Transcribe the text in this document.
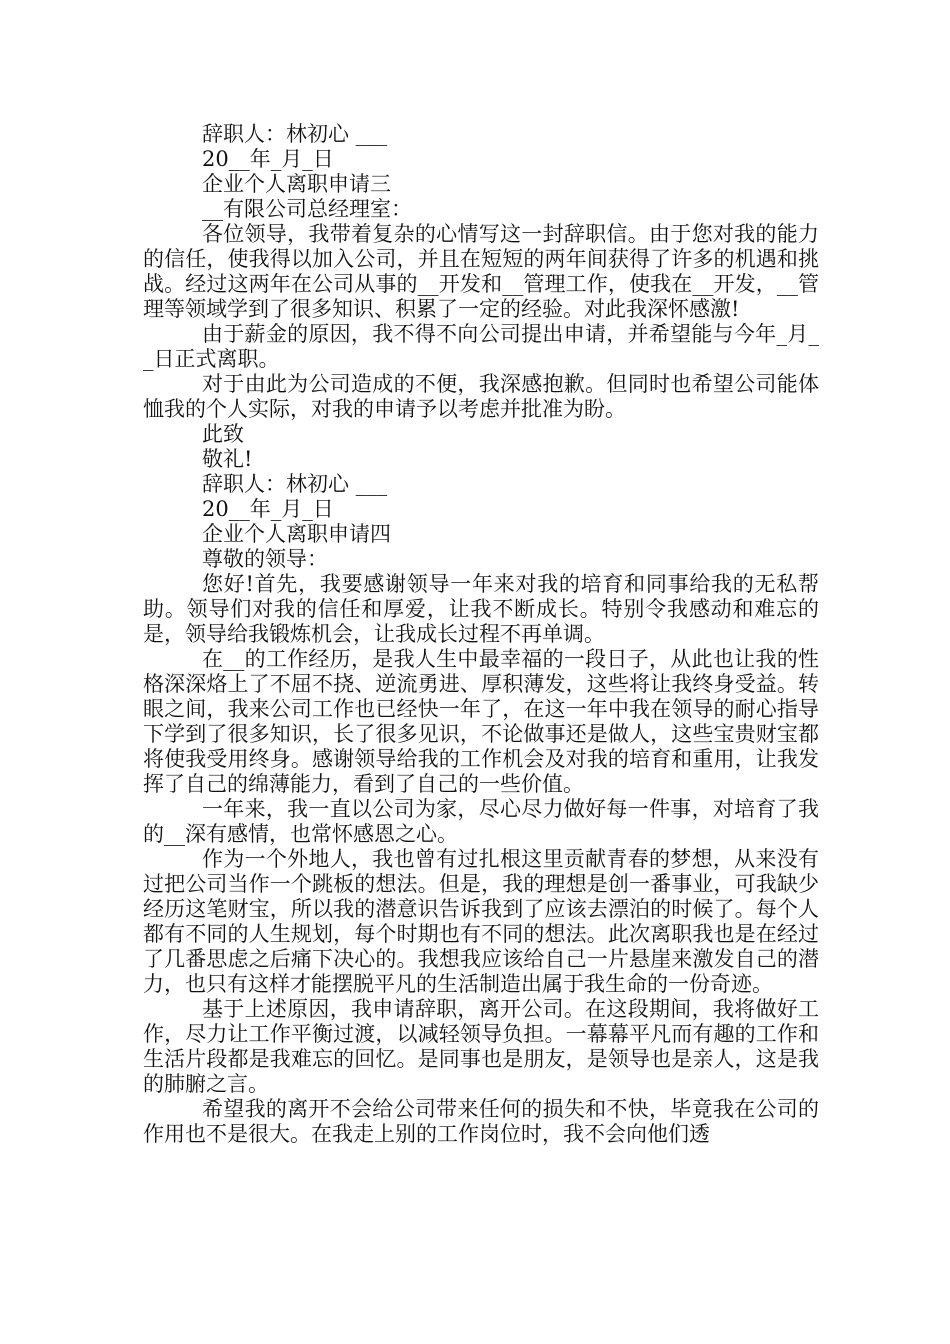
辞职人：林初心 ___
20__年_月_日
企业个人离职申请三
__有限公司总经理室：

各位领导，我带着复杂的心情写这一封辞职信。由于您对我的能力的信任，使我得以加入公司，并且在短短的两年间获得了许多的机遇和挑战。经过这两年在公司从事的__开发和__管理工作，使我在__开发，__管理等领域学到了很多知识、积累了一定的经验。对此我深怀感激!

由于薪金的原因，我不得不向公司提出申请，并希望能与今年_月__日正式离职。

对于由此为公司造成的不便，我深感抱歉。但同时也希望公司能体恤我的个人实际，对我的申请予以考虑并批准为盼。

此致
敬礼!
辞职人：林初心 ___
20__年_月_日
企业个人离职申请四
尊敬的领导：

您好!首先，我要感谢领导一年来对我的培育和同事给我的无私帮助。领导们对我的信任和厚爱，让我不断成长。特别令我感动和难忘的是，领导给我锻炼机会，让我成长过程不再单调。

在__的工作经历，是我人生中最幸福的一段日子，从此也让我的性格深深烙上了不屈不挠、逆流勇进、厚积薄发，这些将让我终身受益。转眼之间，我来公司工作也已经快一年了，在这一年中我在领导的耐心指导下学到了很多知识，长了很多见识，不论做事还是做人，这些宝贵财宝都将使我受用终身。感谢领导给我的工作机会及对我的培育和重用，让我发挥了自己的绵薄能力，看到了自己的一些价值。

一年来，我一直以公司为家，尽心尽力做好每一件事，对培育了我的__深有感情，也常怀感恩之心。

作为一个外地人，我也曾有过扎根这里贡献青春的梦想，从来没有过把公司当作一个跳板的想法。但是，我的理想是创一番事业，可我缺少经历这笔财宝，所以我的潜意识告诉我到了应该去漂泊的时候了。每个人都有不同的人生规划，每个时期也有不同的想法。此次离职我也是在经过了几番思虑之后痛下决心的。我想我应该给自己一片悬崖来激发自己的潜力，也只有这样才能摆脱平凡的生活制造出属于我生命的一份奇迹。

基于上述原因，我申请辞职，离开公司。在这段期间，我将做好工作，尽力让工作平衡过渡，以减轻领导负担。一幕幕平凡而有趣的工作和生活片段都是我难忘的回忆。是同事也是朋友，是领导也是亲人，这是我的肺腑之言。

希望我的离开不会给公司带来任何的损失和不快，毕竟我在公司的作用也不是很大。在我走上别的工作岗位时，我不会向他们透
